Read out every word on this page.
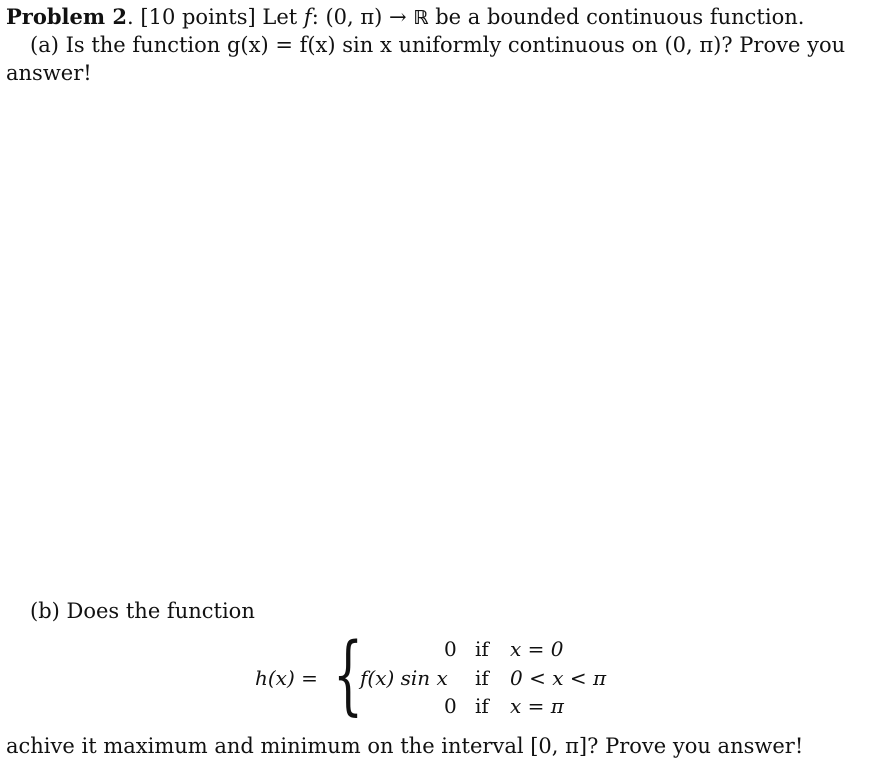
Problem 2. [10 points] Let f: (0, π) → ℝ be a bounded continuous function.
(a) Is the function g(x) = f(x) sin x uniformly continuous on (0, π)? Prove you
answer!
(b) Does the function
h(x) = {	0 if x = 0
f(x) sin x if 0 < x < π
0 if x = π
achive it maximum and minimum on the interval [0, π]? Prove you answer!
